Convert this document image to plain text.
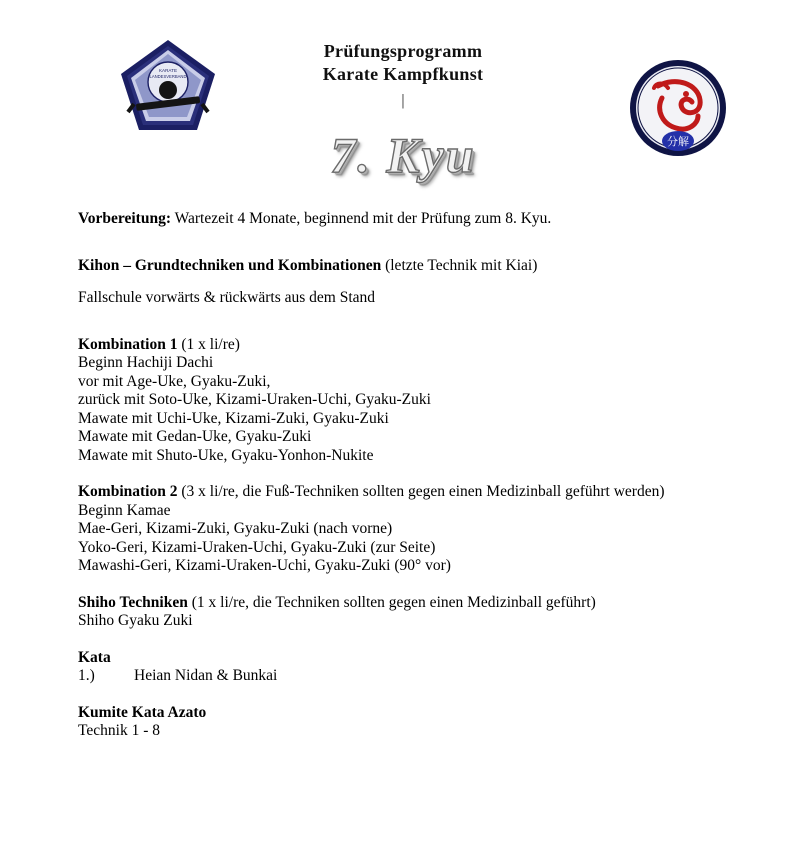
KARATE
LANDESVERBAND
Prüfungsprogramm
Karate Kampfkunst
|
7. Kyu	分解

Vorbereitung: Wartezeit 4 Monate, beginnend mit der Prüfung zum 8. Kyu.

Kihon – Grundtechniken und Kombinationen (letzte Technik mit Kiai)

Fallschule vorwärts & rückwärts aus dem Stand

Kombination 1 (1 x li/re)

Beginn Hachiji Dachi

vor mit Age-Uke, Gyaku-Zuki,

zurück mit Soto-Uke, Kizami-Uraken-Uchi, Gyaku-Zuki

Mawate mit Uchi-Uke, Kizami-Zuki, Gyaku-Zuki

Mawate mit Gedan-Uke, Gyaku-Zuki

Mawate mit Shuto-Uke, Gyaku-Yonhon-Nukite

Kombination 2 (3 x li/re, die Fuß-Techniken sollten gegen einen Medizinball geführt werden)

Beginn Kamae

Mae-Geri, Kizami-Zuki, Gyaku-Zuki (nach vorne)

Yoko-Geri, Kizami-Uraken-Uchi, Gyaku-Zuki (zur Seite)

Mawashi-Geri, Kizami-Uraken-Uchi, Gyaku-Zuki (90° vor)

Shiho Techniken (1 x li/re, die Techniken sollten gegen einen Medizinball geführt)

Shiho Gyaku Zuki

Kata

1.)	Heian Nidan & Bunkai

Kumite Kata Azato

Technik 1 - 8
